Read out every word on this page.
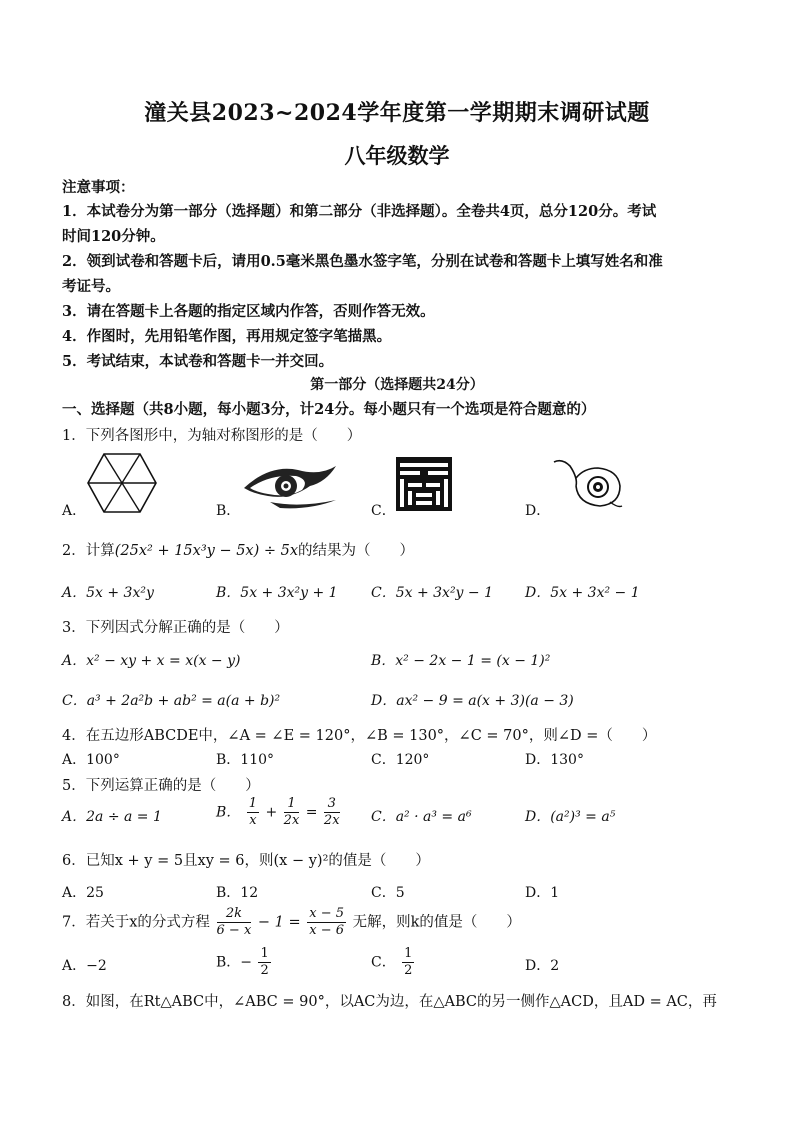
潼关县2023~2024学年度第一学期期末调研试题
八年级数学
注意事项：
1．本试卷分为第一部分（选择题）和第二部分（非选择题）。全卷共4页，总分120分。考试
时间120分钟。
2．领到试卷和答题卡后，请用0.5毫米黑色墨水签字笔，分别在试卷和答题卡上填写姓名和准
考证号。
3．请在答题卡上各题的指定区域内作答，否则作答无效。
4．作图时，先用铅笔作图，再用规定签字笔描黑。
5．考试结束，本试卷和答题卡一并交回。
第一部分（选择题共24分）
一、选择题（共8小题，每小题3分，计24分。每小题只有一个选项是符合题意的）
1．下列各图形中，为轴对称图形的是（　　）
A．	B．	C．	D．
2．计算(25x² + 15x³y − 5x) ÷ 5x的结果为（　　）
A．5x + 3x²y	B．5x + 3x²y + 1 C．5x + 3x²y − 1 D．5x + 3x² − 1
3．下列因式分解正确的是（　　）
A．x² − xy + x = x(x − y)	B．x² − 2x − 1 = (x − 1)²
C．a³ + 2a²b + ab² = a(a + b)²	D．ax² − 9 = a(x + 3)(a − 3)
4．在五边形ABCDE中，∠A = ∠E = 120°，∠B = 130°，∠C = 70°，则∠D =（　　）
A．100°	B．110°	C．120°	D．130°
5．下列运算正确的是（　　）
A．2a ÷ a = 1	B． $\frac{1}{x} + \frac{1}{2x} = \frac{3}{2x}$ C．a² · a³ = a⁶	D．(a²)³ = a⁵
6．已知x + y = 5且xy = 6，则(x − y)²的值是（　　）
A．25	B．12	C．5	D．1
7．若关于x的分式方程 $\frac{2k}{6 - x} - 1 = \frac{x - 5}{x - 6}$ 无解，则k的值是（　　）
A．−2	B．− $\frac{1}{2}$	C． $\frac{1}{2}$	D．2
8．如图，在Rt△ABC中，∠ABC = 90°，以AC为边，在△ABC的另一侧作△ACD，且AD = AC，再
